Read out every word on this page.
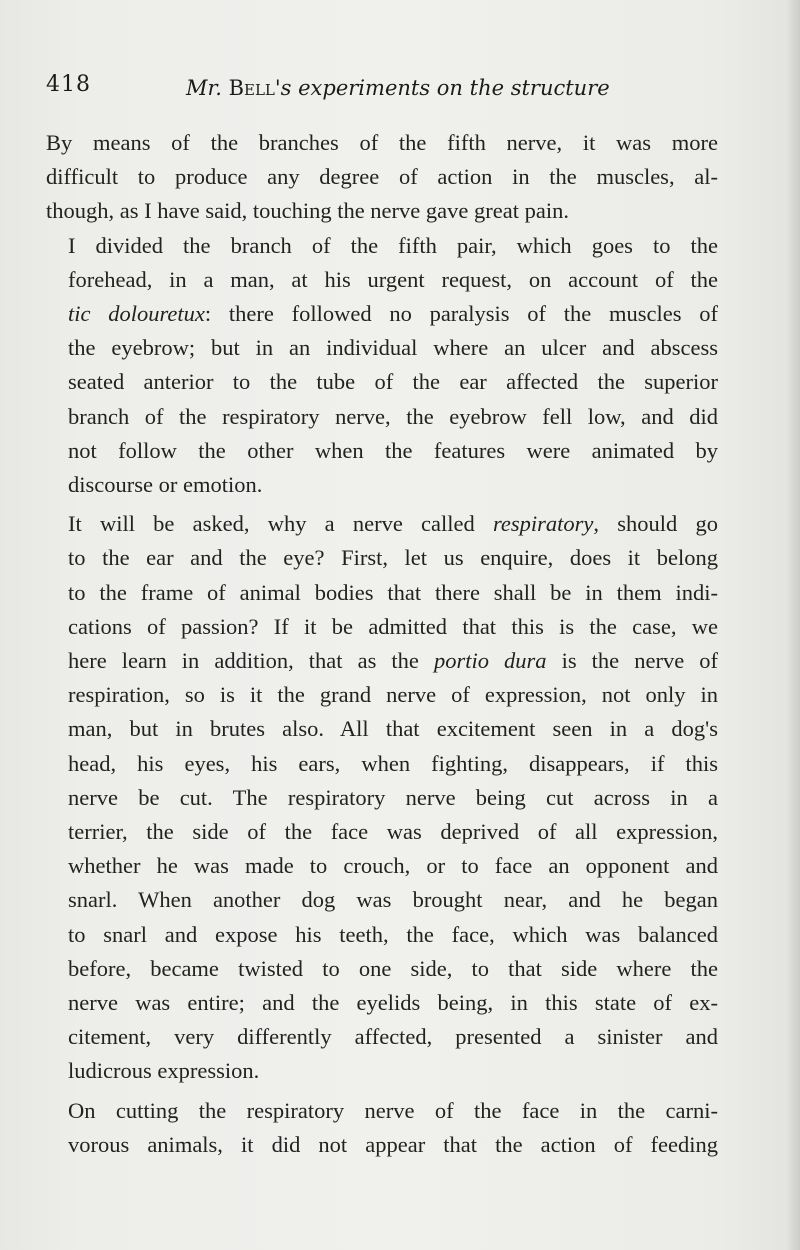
418	Mr. Bell's experiments on the structure
By means of the branches of the fifth nerve, it was more
difficult to produce any degree of action in the muscles, al-
though, as I have said, touching the nerve gave great pain.
I divided the branch of the fifth pair, which goes to the
forehead, in a man, at his urgent request, on account of the
tic dolouretux: there followed no paralysis of the muscles of
the eyebrow; but in an individual where an ulcer and abscess
seated anterior to the tube of the ear affected the superior
branch of the respiratory nerve, the eyebrow fell low, and did
not follow the other when the features were animated by
discourse or emotion.
It will be asked, why a nerve called respiratory, should go
to the ear and the eye? First, let us enquire, does it belong
to the frame of animal bodies that there shall be in them indi-
cations of passion? If it be admitted that this is the case, we
here learn in addition, that as the portio dura is the nerve of
respiration, so is it the grand nerve of expression, not only in
man, but in brutes also. All that excitement seen in a dog's
head, his eyes, his ears, when fighting, disappears, if this
nerve be cut. The respiratory nerve being cut across in a
terrier, the side of the face was deprived of all expression,
whether he was made to crouch, or to face an opponent and
snarl. When another dog was brought near, and he began
to snarl and expose his teeth, the face, which was balanced
before, became twisted to one side, to that side where the
nerve was entire; and the eyelids being, in this state of ex-
citement, very differently affected, presented a sinister and
ludicrous expression.
On cutting the respiratory nerve of the face in the carni-
vorous animals, it did not appear that the action of feeding
